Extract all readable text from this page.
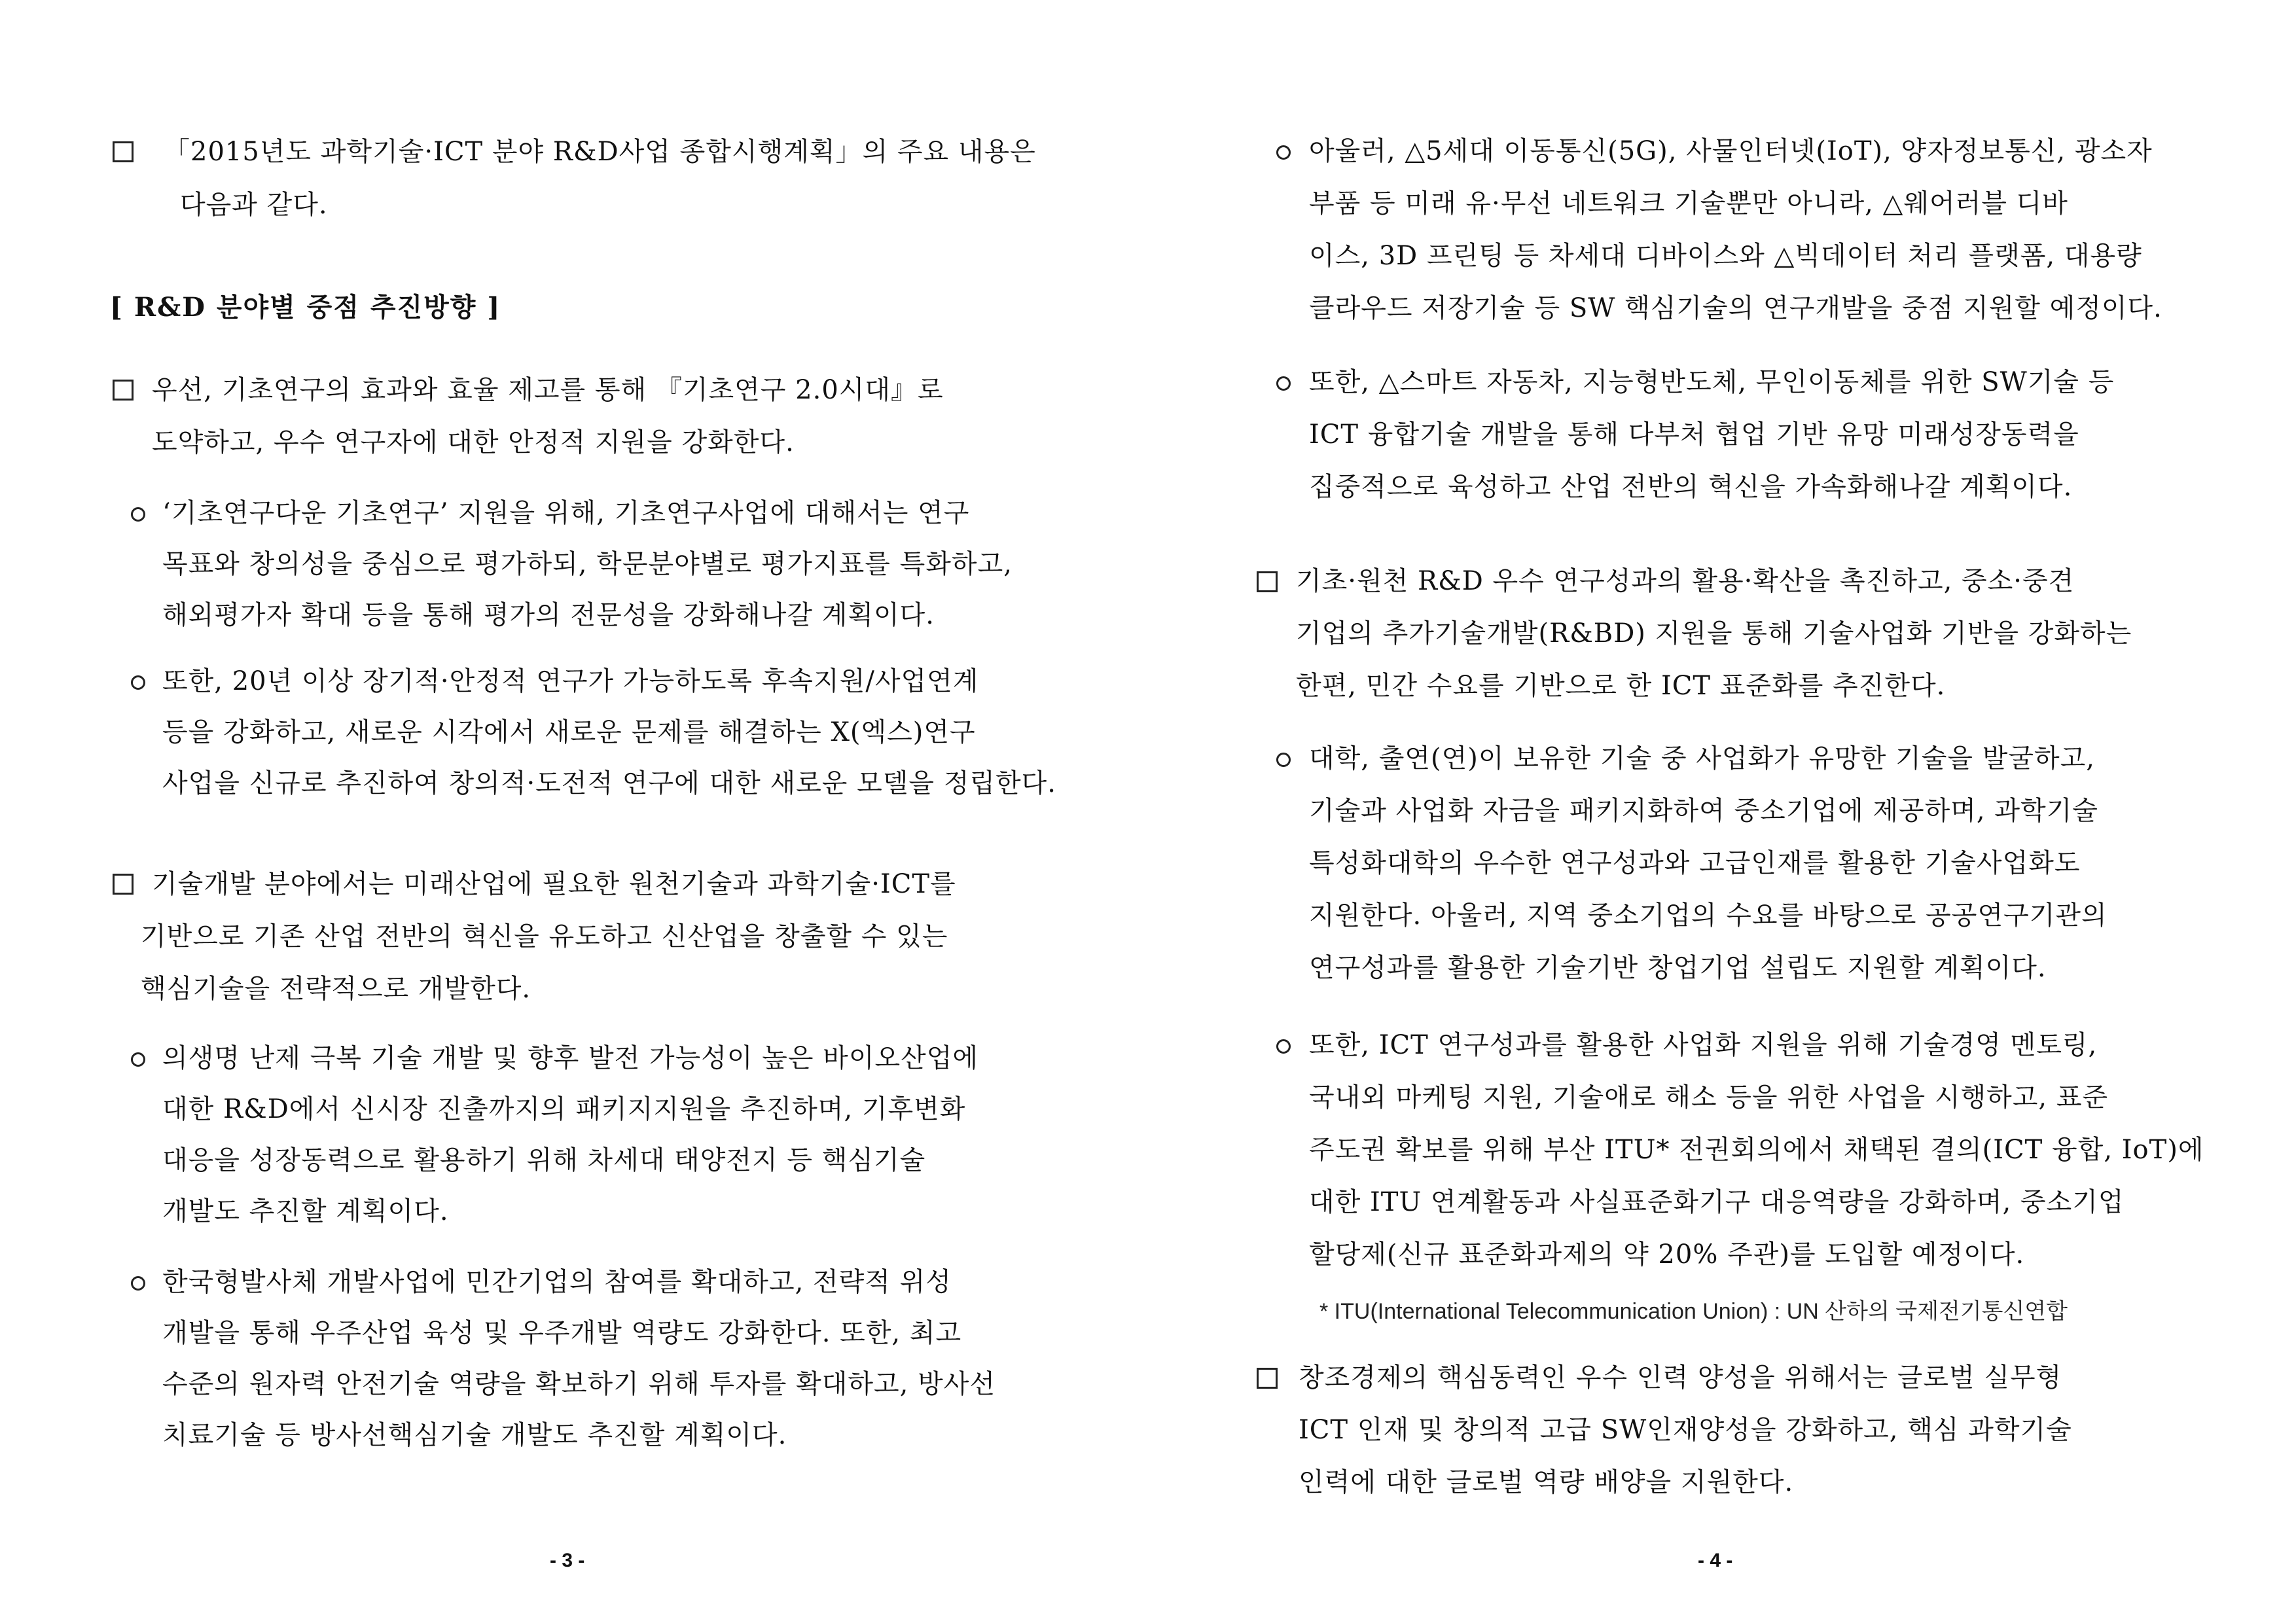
「2015년도 과학기술·ICT 분야 R&D사업 종합시행계획」의 주요 내용은
다음과 같다.
[ R&D 분야별 중점 추진방향 ]
우선, 기초연구의 효과와 효율 제고를 통해 『기초연구 2.0시대』로
도약하고, 우수 연구자에 대한 안정적 지원을 강화한다.
‘기초연구다운 기초연구’ 지원을 위해, 기초연구사업에 대해서는 연구
목표와 창의성을 중심으로 평가하되, 학문분야별로 평가지표를 특화하고,
해외평가자 확대 등을 통해 평가의 전문성을 강화해나갈 계획이다.
또한, 20년 이상 장기적·안정적 연구가 가능하도록 후속지원/사업연계
등을 강화하고, 새로운 시각에서 새로운 문제를 해결하는 X(엑스)연구
사업을 신규로 추진하여 창의적·도전적 연구에 대한 새로운 모델을 정립한다.
기술개발 분야에서는 미래산업에 필요한 원천기술과 과학기술·ICT를
기반으로 기존 산업 전반의 혁신을 유도하고 신산업을 창출할 수 있는
핵심기술을 전략적으로 개발한다.
의생명 난제 극복 기술 개발 및 향후 발전 가능성이 높은 바이오산업에
대한 R&D에서 신시장 진출까지의 패키지지원을 추진하며, 기후변화
대응을 성장동력으로 활용하기 위해 차세대 태양전지 등 핵심기술
개발도 추진할 계획이다.
한국형발사체 개발사업에 민간기업의 참여를 확대하고, 전략적 위성
개발을 통해 우주산업 육성 및 우주개발 역량도 강화한다. 또한, 최고
수준의 원자력 안전기술 역량을 확보하기 위해 투자를 확대하고, 방사선
치료기술 등 방사선핵심기술 개발도 추진할 계획이다.
- 3 -
아울러, △5세대 이동통신(5G), 사물인터넷(IoT), 양자정보통신, 광소자
부품 등 미래 유·무선 네트워크 기술뿐만 아니라, △웨어러블 디바
이스, 3D 프린팅 등 차세대 디바이스와 △빅데이터 처리 플랫폼, 대용량
클라우드 저장기술 등 SW 핵심기술의 연구개발을 중점 지원할 예정이다.
또한, △스마트 자동차, 지능형반도체, 무인이동체를 위한 SW기술 등
ICT 융합기술 개발을 통해 다부처 협업 기반 유망 미래성장동력을
집중적으로 육성하고 산업 전반의 혁신을 가속화해나갈 계획이다.
기초·원천 R&D 우수 연구성과의 활용·확산을 촉진하고, 중소·중견
기업의 추가기술개발(R&BD) 지원을 통해 기술사업화 기반을 강화하는
한편, 민간 수요를 기반으로 한 ICT 표준화를 추진한다.
대학, 출연(연)이 보유한 기술 중 사업화가 유망한 기술을 발굴하고,
기술과 사업화 자금을 패키지화하여 중소기업에 제공하며, 과학기술
특성화대학의 우수한 연구성과와 고급인재를 활용한 기술사업화도
지원한다. 아울러, 지역 중소기업의 수요를 바탕으로 공공연구기관의
연구성과를 활용한 기술기반 창업기업 설립도 지원할 계획이다.
또한, ICT 연구성과를 활용한 사업화 지원을 위해 기술경영 멘토링,
국내외 마케팅 지원, 기술애로 해소 등을 위한 사업을 시행하고, 표준
주도권 확보를 위해 부산 ITU* 전권회의에서 채택된 결의(ICT 융합, IoT)에
대한 ITU 연계활동과 사실표준화기구 대응역량을 강화하며, 중소기업
할당제(신규 표준화과제의 약 20% 주관)를 도입할 예정이다.
* ITU(International Telecommunication Union) : UN 산하의 국제전기통신연합
창조경제의 핵심동력인 우수 인력 양성을 위해서는 글로벌 실무형
ICT 인재 및 창의적 고급 SW인재양성을 강화하고, 핵심 과학기술
인력에 대한 글로벌 역량 배양을 지원한다.
- 4 -
